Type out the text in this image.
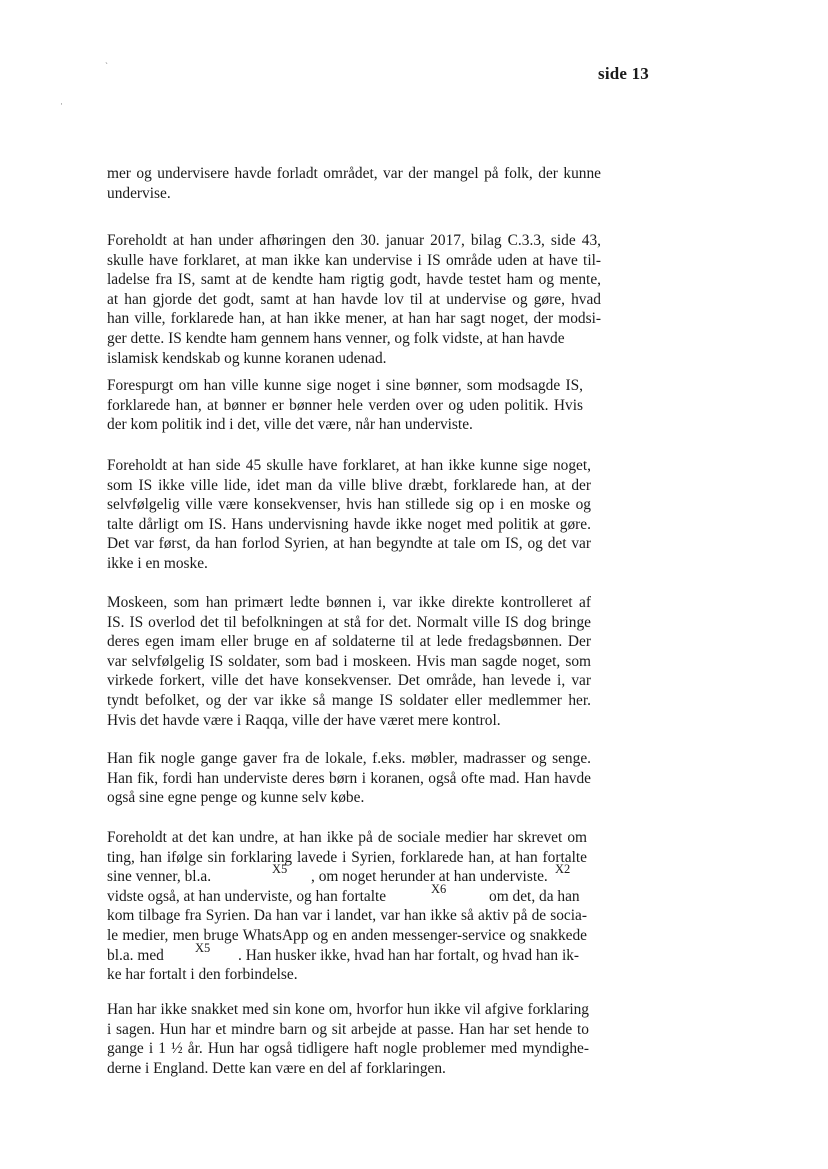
side 13
`
·
mer og undervisere havde forladt området, var der mangel på folk, der kunne
undervise.
Foreholdt at han under afhøringen den 30. januar 2017, bilag C.3.3, side 43,
skulle have forklaret, at man ikke kan undervise i IS område uden at have til-
ladelse fra IS, samt at de kendte ham rigtig godt, havde testet ham og mente,
at han gjorde det godt, samt at han havde lov til at undervise og gøre, hvad
han ville, forklarede han, at han ikke mener, at han har sagt noget, der modsi-
ger dette. IS kendte ham gennem hans venner, og folk vidste, at han havde
islamisk kendskab og kunne koranen udenad.
Forespurgt om han ville kunne sige noget i sine bønner, som modsagde IS,
forklarede han, at bønner er bønner hele verden over og uden politik. Hvis
der kom politik ind i det, ville det være, når han underviste.
Foreholdt at han side 45 skulle have forklaret, at han ikke kunne sige noget,
som IS ikke ville lide, idet man da ville blive dræbt, forklarede han, at der
selvfølgelig ville være konsekvenser, hvis han stillede sig op i en moske og
talte dårligt om IS. Hans undervisning havde ikke noget med politik at gøre.
Det var først, da han forlod Syrien, at han begyndte at tale om IS, og det var
ikke i en moske.
Moskeen, som han primært ledte bønnen i, var ikke direkte kontrolleret af
IS. IS overlod det til befolkningen at stå for det. Normalt ville IS dog bringe
deres egen imam eller bruge en af soldaterne til at lede fredagsbønnen. Der
var selvfølgelig IS soldater, som bad i moskeen. Hvis man sagde noget, som
virkede forkert, ville det have konsekvenser. Det område, han levede i, var
tyndt befolket, og der var ikke så mange IS soldater eller medlemmer her.
Hvis det havde være i Raqqa, ville der have været mere kontrol.
Han fik nogle gange gaver fra de lokale, f.eks. møbler, madrasser og senge.
Han fik, fordi han underviste deres børn i koranen, også ofte mad. Han havde
også sine egne penge og kunne selv købe.
Foreholdt at det kan undre, at han ikke på de sociale medier har skrevet om
ting, han ifølge sin forklaring lavede i Syrien, forklarede han, at han fortalte
sine venner, bl.a.	X5 , om noget herunder at han underviste. X2
vidste også, at han underviste, og han fortalte	X6	om det, da han
kom tilbage fra Syrien. Da han var i landet, var han ikke så aktiv på de socia-
le medier, men bruge WhatsApp og en anden messenger-service og snakkede
bl.a. med X5 . Han husker ikke, hvad han har fortalt, og hvad han ik-
ke har fortalt i den forbindelse.
Han har ikke snakket med sin kone om, hvorfor hun ikke vil afgive forklaring
i sagen. Hun har et mindre barn og sit arbejde at passe. Han har set hende to
gange i 1 ½ år. Hun har også tidligere haft nogle problemer med myndighe-
derne i England. Dette kan være en del af forklaringen.
